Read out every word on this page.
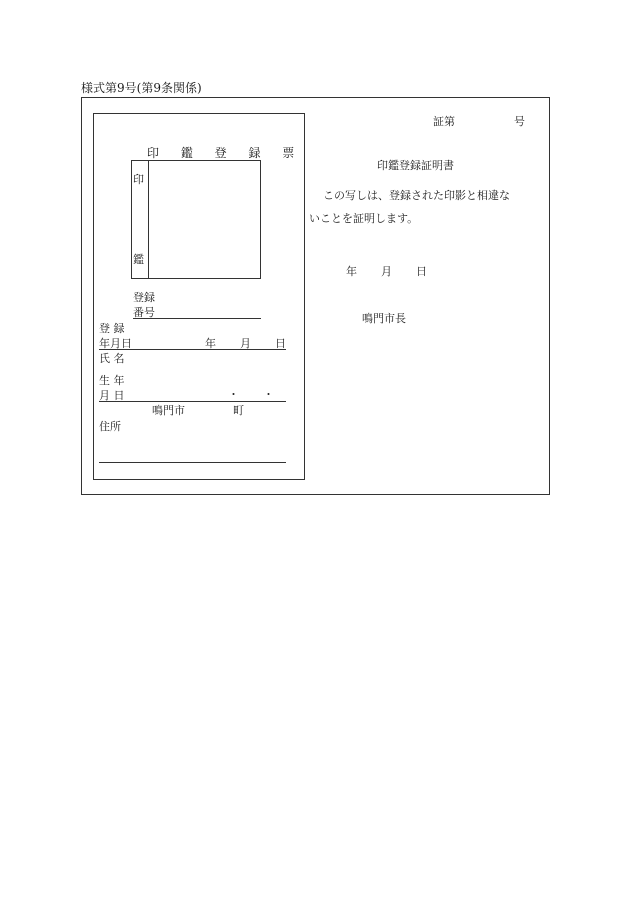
様式第9号(第9条関係)
印 鑑 登 録 票
印
鑑
登録
番号
登 録
年月日	年 月 日
氏 名
生 年
月 日	・ ・
鳴門市	町
住所
証第	号
印鑑登録証明書
この写しは、登録された印影と相違な
いことを証明します。
年 月 日
鳴門市長
